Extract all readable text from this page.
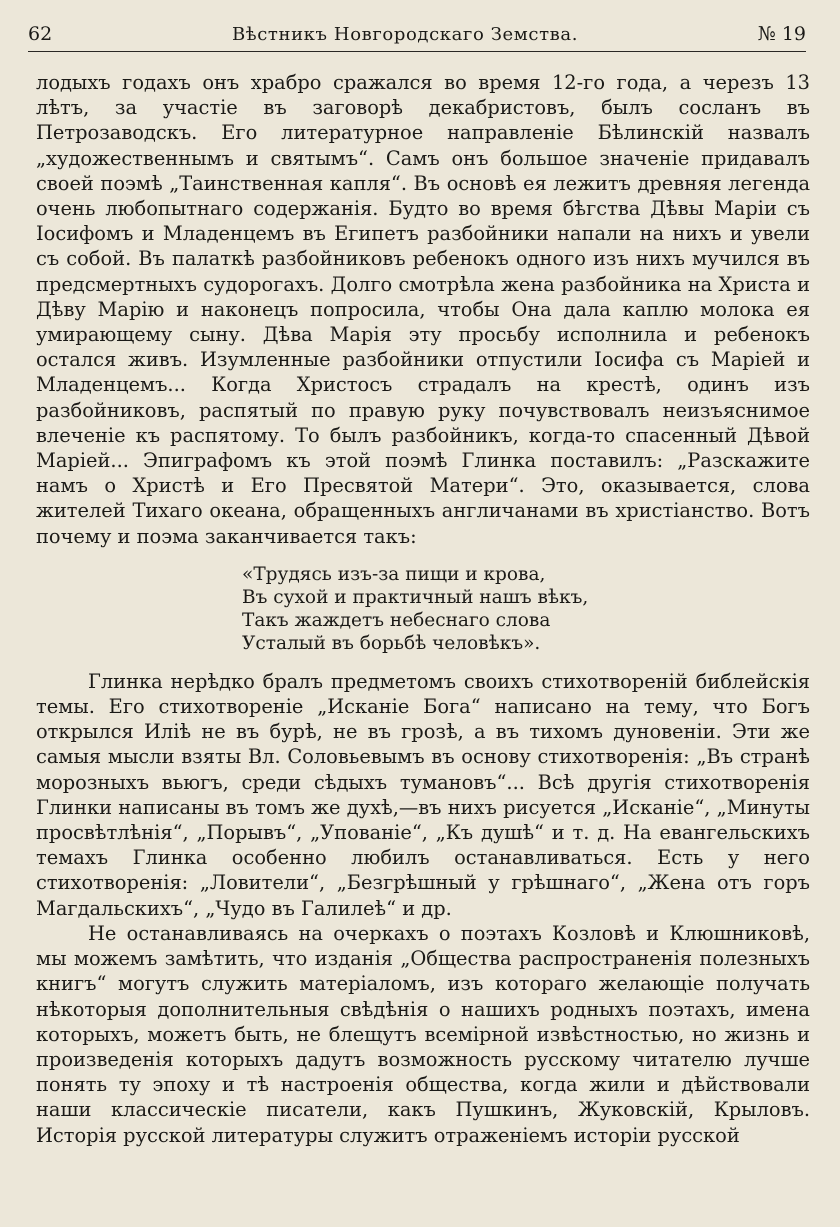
62	Вѣстникъ Новгородскаго Земства.	№ 19

лодыхъ годахъ онъ храбро сражался во время 12-го года, а черезъ 13 лѣтъ, за участіе въ заговорѣ декабристовъ, былъ сосланъ въ Петрозаводскъ. Его литературное направленіе Бѣлинскій назвалъ „художественнымъ и святымъ“. Самъ онъ большое значеніе придавалъ своей поэмѣ „Таинственная капля“. Въ основѣ ея лежитъ древняя легенда очень любопытнаго содержанія. Будто во время бѣгства Дѣвы Маріи съ Іосифомъ и Младенцемъ въ Египетъ разбойники напали на нихъ и увели съ собой. Въ палаткѣ разбойниковъ ребенокъ одного изъ нихъ мучился въ предсмертныхъ судорогахъ. Долго смотрѣла жена разбойника на Христа и Дѣву Марію и наконецъ попросила, чтобы Она дала каплю молока ея умирающему сыну. Дѣва Марія эту просьбу исполнила и ребенокъ остался живъ. Изумленные разбойники отпустили Іосифа съ Маріей и Младенцемъ... Когда Христосъ страдалъ на крестѣ, одинъ изъ разбойниковъ, распятый по правую руку почувствовалъ неизъяснимое влеченіе къ распятому. То былъ разбойникъ, когда-то спасенный Дѣвой Маріей... Эпиграфомъ къ этой поэмѣ Глинка поставилъ: „Разскажите намъ о Христѣ и Его Пресвятой Матери“. Это, оказывается, слова жителей Тихаго океана, обращенныхъ англичанами въ христіанство. Вотъ почему и поэма заканчивается такъ:

«Трудясь изъ-за пищи и крова,
Въ сухой и практичный нашъ вѣкъ,
Такъ жаждетъ небеснаго слова
Усталый въ борьбѣ человѣкъ».

Глинка нерѣдко бралъ предметомъ своихъ стихотвореній библейскія темы. Его стихотвореніе „Исканіе Бога“ написано на тему, что Богъ открылся Иліѣ не въ бурѣ, не въ грозѣ, а въ тихомъ дуновеніи. Эти же самыя мысли взяты Вл. Соловьевымъ въ основу стихотворенія: „Въ странѣ морозныхъ вьюгъ, среди сѣдыхъ тумановъ“... Всѣ другія стихотворенія Глинки написаны въ томъ же духѣ,—въ нихъ рисуется „Исканіе“, „Минуты просвѣтлѣнія“, „Порывъ“, „Упованіе“, „Къ душѣ“ и т. д. На евангельскихъ темахъ Глинка особенно любилъ останавливаться. Есть у него стихотворенія: „Ловители“, „Безгрѣшный у грѣшнаго“, „Жена отъ горъ Магдальскихъ“, „Чудо въ Галилеѣ“ и др.

Не останавливаясь на очеркахъ о поэтахъ Козловѣ и Клюшниковѣ, мы можемъ замѣтить, что изданія „Общества распространенія полезныхъ книгъ“ могутъ служить матеріаломъ, изъ котораго желающіе получать нѣкоторыя дополнительныя свѣдѣнія о нашихъ родныхъ поэтахъ, имена которыхъ, можетъ быть, не блещутъ всемірной извѣстностью, но жизнь и произведенія которыхъ дадутъ возможность русскому читателю лучше понять ту эпоху и тѣ настроенія общества, когда жили и дѣйствовали наши классическіе писатели, какъ Пушкинъ, Жуковскій, Крыловъ. Исторія русской литературы служитъ отраженіемъ исторіи русской
